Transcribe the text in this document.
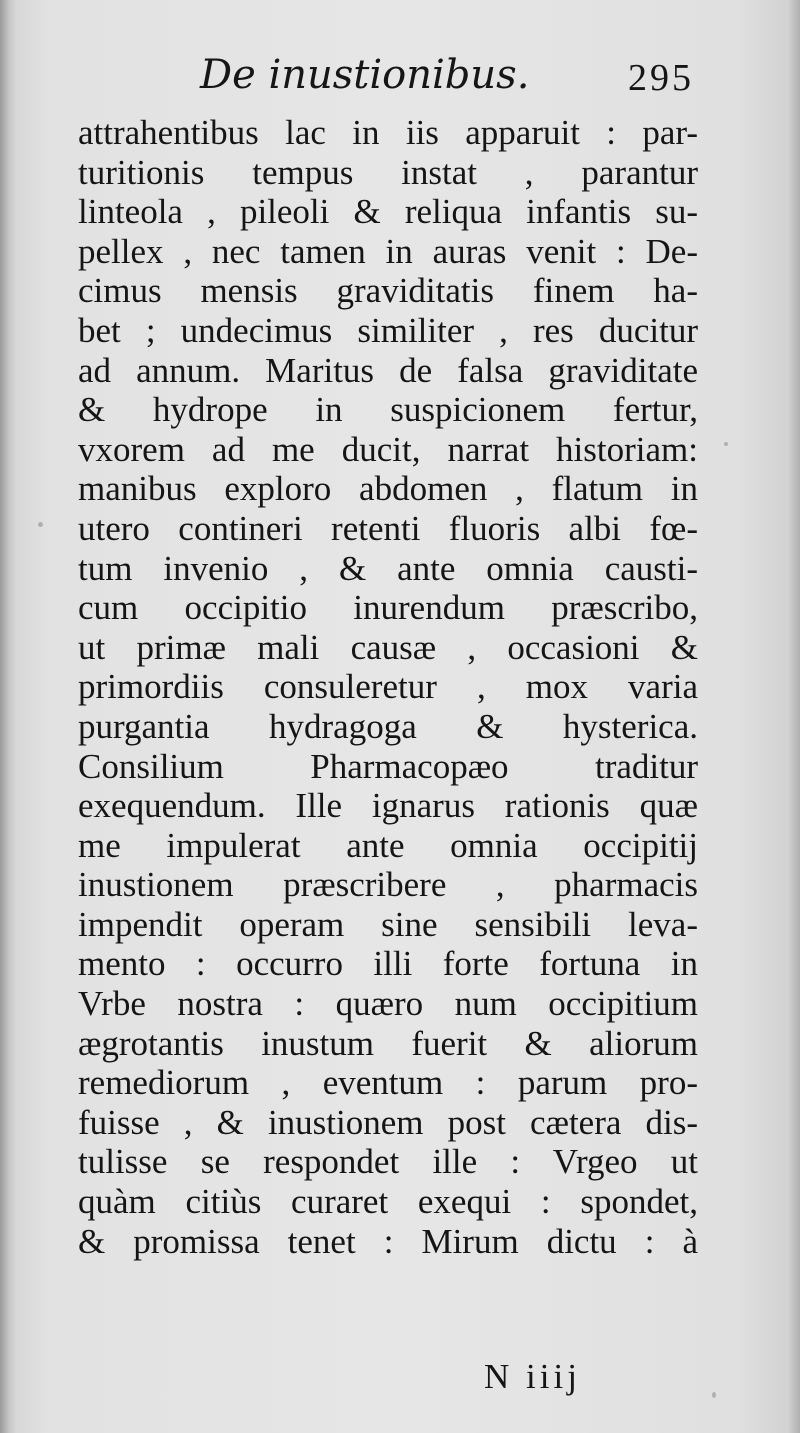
De inustionibus.	295
attrahentibus lac in iis apparuit : par-
turitionis tempus instat , parantur
linteola , pileoli & reliqua infantis su-
pellex , nec tamen in auras venit : De-
cimus mensis graviditatis finem ha-
bet ; undecimus similiter , res ducitur
ad annum. Maritus de falsa graviditate
& hydrope in suspicionem fertur,
vxorem ad me ducit, narrat historiam:
manibus exploro abdomen , flatum in
utero contineri retenti fluoris albi fœ-
tum invenio , & ante omnia causti-
cum occipitio inurendum præscribo,
ut primæ mali causæ , occasioni &
primordiis consuleretur , mox varia
purgantia hydragoga & hysterica.
Consilium Pharmacopæo traditur
exequendum. Ille ignarus rationis quæ
me impulerat ante omnia occipitij
inustionem præscribere , pharmacis
impendit operam sine sensibili leva-
mento : occurro illi forte fortuna in
Vrbe nostra : quæro num occipitium
ægrotantis inustum fuerit & aliorum
remediorum , eventum : parum pro-
fuisse , & inustionem post cætera dis-
tulisse se respondet ille : Vrgeo ut
quàm citiùs curaret exequi : spondet,
& promissa tenet : Mirum dictu : à
N iiij
